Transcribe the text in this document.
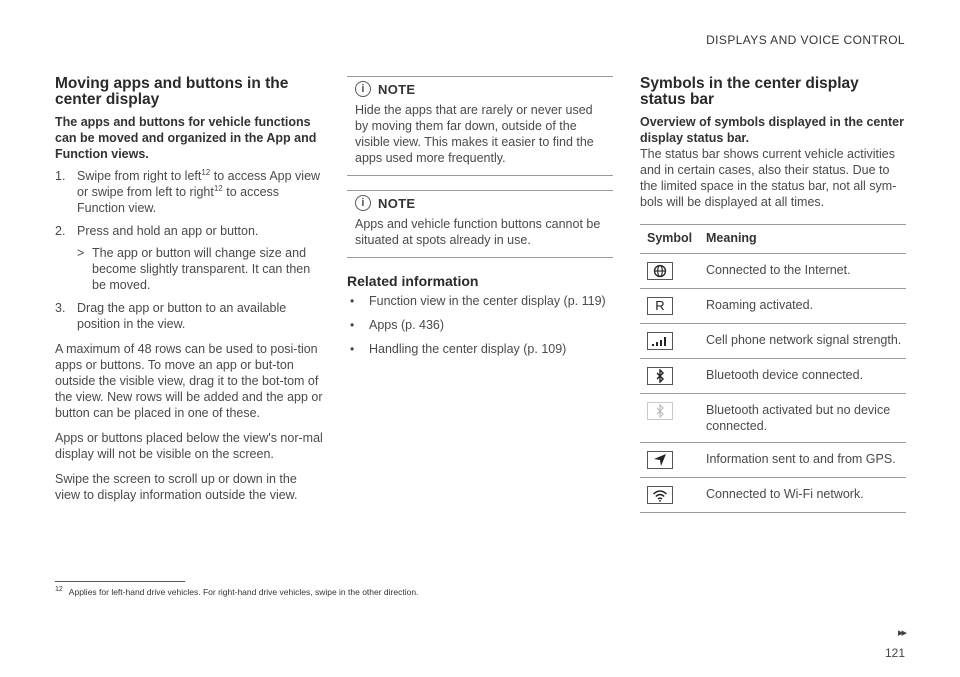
DISPLAYS AND VOICE CONTROL
Moving apps and buttons in the center display
The apps and buttons for vehicle functions can be moved and organized in the App and Function views.
1. Swipe from right to left$^{12}$ to access App view or swipe from left to right$^{12}$ to access Function view.
2. Press and hold an app or button.
> The app or button will change size and become slightly transparent. It can then be moved.
3. Drag the app or button to an available position in the view.

A maximum of 48 rows can be used to posi-tion apps or buttons. To move an app or but-ton outside the visible view, drag it to the bot-tom of the view. New rows will be added and the app or button can be placed in one of these.

Apps or buttons placed below the view's nor-mal display will not be visible on the screen.

Swipe the screen to scroll up or down in the view to display information outside the view.

i	NOTE

Hide the apps that are rarely or never used by moving them far down, outside of the visible view. This makes it easier to find the apps used more frequently.

i	NOTE

Apps and vehicle function buttons cannot be situated at spots already in use.

Related information
• Function view in the center display (p. 119)
• Apps (p. 436)
• Handling the center display (p. 109)
Symbols in the center display status bar
Overview of symbols displayed in the center display status bar.

The status bar shows current vehicle activities and in certain cases, also their status. Due to the limited space in the status bar, not all sym-bols will be displayed at all times.

Symbol	Meaning

	Connected to the Internet.

R	Roaming activated.

	Cell phone network signal strength.

	Bluetooth device connected.

	Bluetooth activated but no device connected.

	Information sent to and from GPS.

	Connected to Wi-Fi network.
$^{12}$ Applies for left-hand drive vehicles. For right-hand drive vehicles, swipe in the other direction.
▸▸
121
